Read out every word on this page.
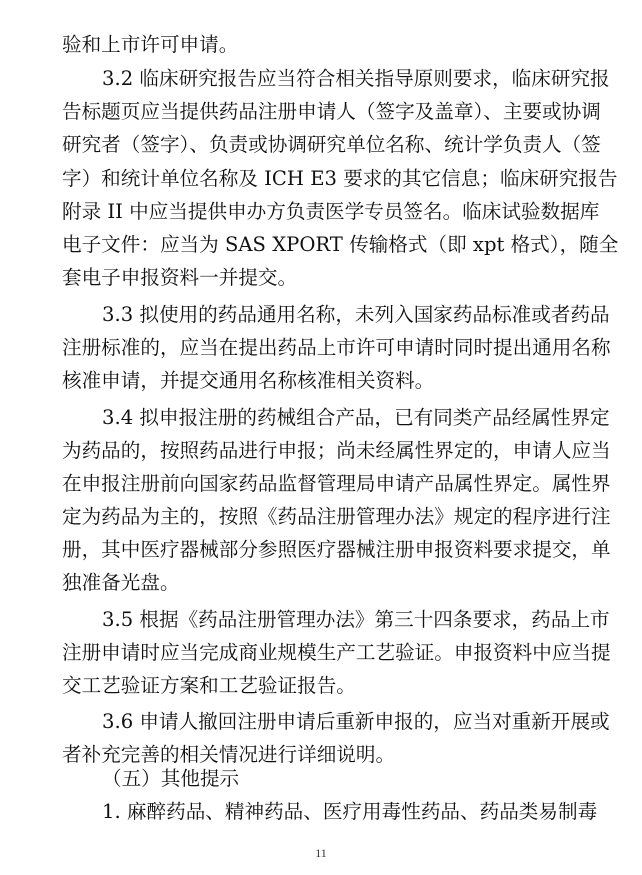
验和上市许可申请。
3.2 临床研究报告应当符合相关指导原则要求，临床研究报
告标题页应当提供药品注册申请人（签字及盖章）、主要或协调
研究者（签字）、负责或协调研究单位名称、统计学负责人（签
字）和统计单位名称及 ICH E3 要求的其它信息；临床研究报告
附录 II 中应当提供申办方负责医学专员签名。临床试验数据库
电子文件：应当为 SAS XPORT 传输格式（即 xpt 格式），随全
套电子申报资料一并提交。
3.3 拟使用的药品通用名称，未列入国家药品标准或者药品
注册标准的，应当在提出药品上市许可申请时同时提出通用名称
核准申请，并提交通用名称核准相关资料。
3.4 拟申报注册的药械组合产品，已有同类产品经属性界定
为药品的，按照药品进行申报；尚未经属性界定的，申请人应当
在申报注册前向国家药品监督管理局申请产品属性界定。属性界
定为药品为主的，按照《药品注册管理办法》规定的程序进行注
册，其中医疗器械部分参照医疗器械注册申报资料要求提交，单
独准备光盘。
3.5 根据《药品注册管理办法》第三十四条要求，药品上市
注册申请时应当完成商业规模生产工艺验证。申报资料中应当提
交工艺验证方案和工艺验证报告。
3.6 申请人撤回注册申请后重新申报的，应当对重新开展或
者补充完善的相关情况进行详细说明。
（五）其他提示
1. 麻醉药品、精神药品、医疗用毒性药品、药品类易制毒
11
